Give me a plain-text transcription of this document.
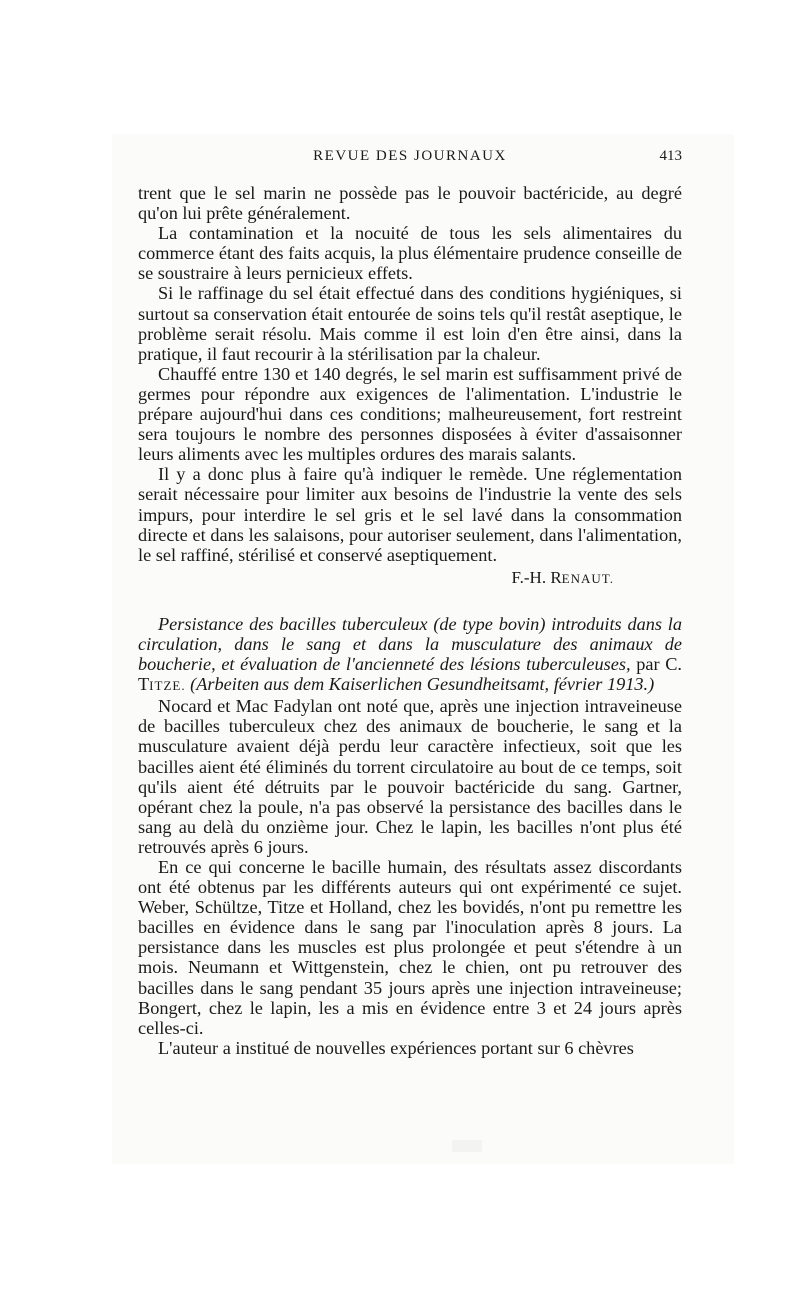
REVUE DES JOURNAUX	413

trent que le sel marin ne possède pas le pouvoir bactéricide, au degré qu'on lui prête généralement.

La contamination et la nocuité de tous les sels alimentaires du commerce étant des faits acquis, la plus élémentaire prudence conseille de se soustraire à leurs pernicieux effets.

Si le raffinage du sel était effectué dans des conditions hygiéniques, si surtout sa conservation était entourée de soins tels qu'il restât aseptique, le problème serait résolu. Mais comme il est loin d'en être ainsi, dans la pratique, il faut recourir à la stérilisation par la chaleur.

Chauffé entre 130 et 140 degrés, le sel marin est suffisamment privé de germes pour répondre aux exigences de l'alimentation. L'industrie le prépare aujourd'hui dans ces conditions; malheureusement, fort restreint sera toujours le nombre des personnes disposées à éviter d'assaisonner leurs aliments avec les multiples ordures des marais salants.

Il y a donc plus à faire qu'à indiquer le remède. Une réglementation serait nécessaire pour limiter aux besoins de l'industrie la vente des sels impurs, pour interdire le sel gris et le sel lavé dans la consommation directe et dans les salaisons, pour autoriser seulement, dans l'alimentation, le sel raffiné, stérilisé et conservé aseptiquement.

F.-H. RENAUT.

Persistance des bacilles tuberculeux (de type bovin) introduits dans la circulation, dans le sang et dans la musculature des animaux de boucherie, et évaluation de l'ancienneté des lésions tuberculeuses, par C. TITZE. (Arbeiten aus dem Kaiserlichen Gesundheitsamt, février 1913.)

Nocard et Mac Fadylan ont noté que, après une injection intraveineuse de bacilles tuberculeux chez des animaux de boucherie, le sang et la musculature avaient déjà perdu leur caractère infectieux, soit que les bacilles aient été éliminés du torrent circulatoire au bout de ce temps, soit qu'ils aient été détruits par le pouvoir bactéricide du sang. Gartner, opérant chez la poule, n'a pas observé la persistance des bacilles dans le sang au delà du onzième jour. Chez le lapin, les bacilles n'ont plus été retrouvés après 6 jours.

En ce qui concerne le bacille humain, des résultats assez discordants ont été obtenus par les différents auteurs qui ont expérimenté ce sujet. Weber, Schültze, Titze et Holland, chez les bovidés, n'ont pu remettre les bacilles en évidence dans le sang par l'inoculation après 8 jours. La persistance dans les muscles est plus prolongée et peut s'étendre à un mois. Neumann et Wittgenstein, chez le chien, ont pu retrouver des bacilles dans le sang pendant 35 jours après une injection intraveineuse; Bongert, chez le lapin, les a mis en évidence entre 3 et 24 jours après celles-ci.

L'auteur a institué de nouvelles expériences portant sur 6 chèvres
